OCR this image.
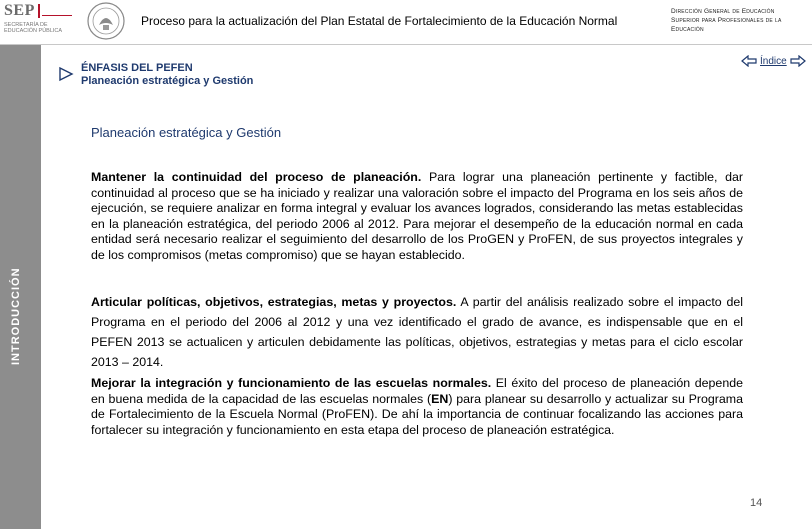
SEP
SECRETARÍA DE EDUCACIÓN PÚBLICA
Proceso para la actualización del Plan Estatal de Fortalecimiento de la Educación Normal
Dirección General de Educación Superior para Profesionales de la Educación
INTRODUCCIÓN
ÉNFASIS DEL PEFEN
Planeación estratégica y Gestión
Índice
Planeación estratégica y Gestión
Mantener la continuidad del proceso de planeación. Para lograr una planeación pertinente y factible, dar continuidad al proceso que se ha iniciado y realizar una valoración sobre el impacto del Programa en los seis años de ejecución, se requiere analizar en forma integral y evaluar los avances logrados, considerando las metas establecidas en la planeación estratégica, del periodo 2006 al 2012. Para mejorar el desempeño de la educación normal en cada entidad será necesario realizar el seguimiento del desarrollo de los ProGEN y ProFEN, de sus proyectos integrales y de los compromisos (metas compromiso) que se hayan establecido.
Articular políticas, objetivos, estrategias, metas y proyectos. A partir del análisis realizado sobre el impacto del Programa en el periodo del 2006 al 2012 y una vez identificado el grado de avance, es indispensable que en el PEFEN 2013 se actualicen y articulen debidamente las políticas, objetivos, estrategias y metas para el ciclo escolar 2013 – 2014.
Mejorar la integración y funcionamiento de las escuelas normales. El éxito del proceso de planeación depende en buena medida de la capacidad de las escuelas normales (EN) para planear su desarrollo y actualizar su Programa de Fortalecimiento de la Escuela Normal (ProFEN). De ahí la importancia de continuar focalizando las acciones para fortalecer su integración y funcionamiento en esta etapa del proceso de planeación estratégica.
14
